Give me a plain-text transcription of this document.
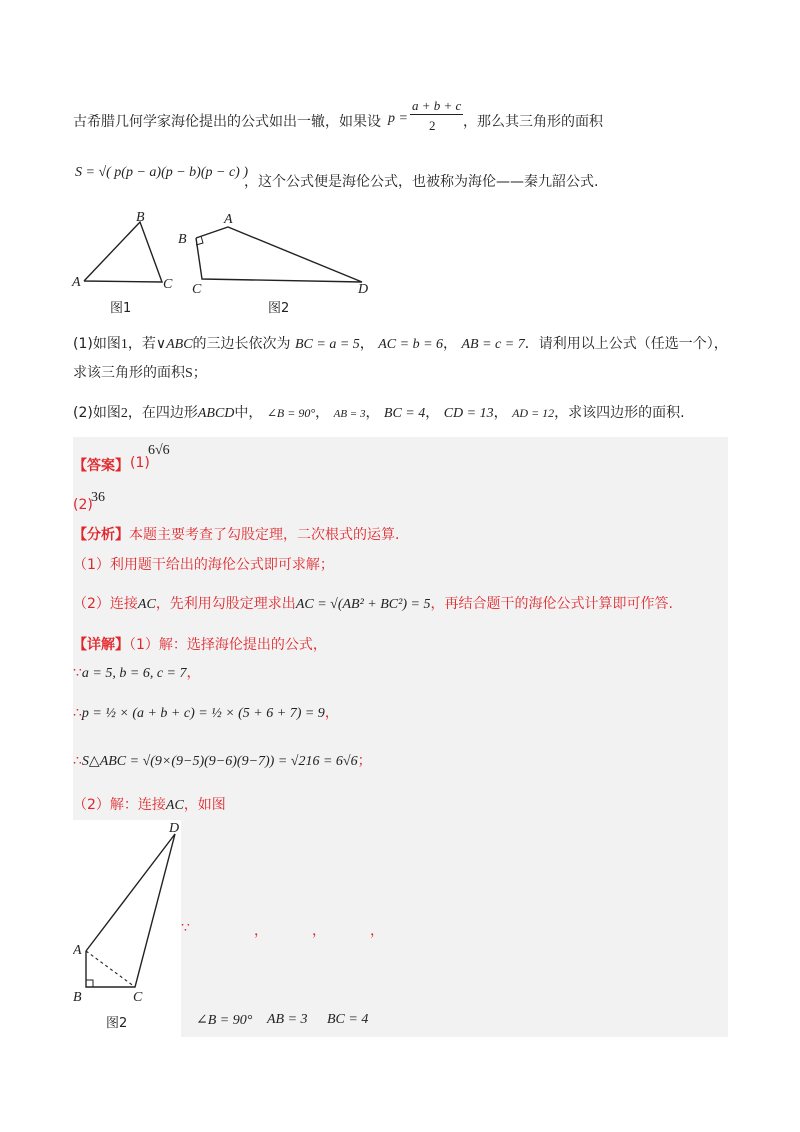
古希腊几何学家海伦提出的公式如出一辙，如果设 p =
a + b + c
2 ，那么其三角形的面积
S = √( p(p − a)(p − b)(p − c) )
，这个公式便是海伦公式，也被称为海伦——秦九韶公式.
A
B
C
图1
A
B
C	D
图2
(1)如图1，若∨ABC的三边长依次为 BC = a = 5， AC = b = 6， AB = c = 7．请利用以上公式（任选一个），
求该三角形的面积S；
(2)如图2，在四边形ABCD中， ∠B = 90°， AB = 3， BC = 4， CD = 13， AD = 12，求该四边形的面积.
【答案】 (1)
6√6
(2)
36
【分析】本题主要考查了勾股定理，二次根式的运算.
（1）利用题干给出的海伦公式即可求解；
（2）连接AC，先利用勾股定理求出AC = √(AB² + BC²) = 5，再结合题干的海伦公式计算即可作答.
【详解】（1）解：选择海伦提出的公式，
∵a = 5, b = 6, c = 7，
∴p = ½ × (a + b + c) = ½ × (5 + 6 + 7) = 9，
∴S△ABC = √(9×(9−5)(9−6)(9−7)) = √216 = 6√6；
（2）解：连接AC，如图
D
A
B	C
图2
∵	，	，	，
∠B = 90° AB = 3 BC = 4
